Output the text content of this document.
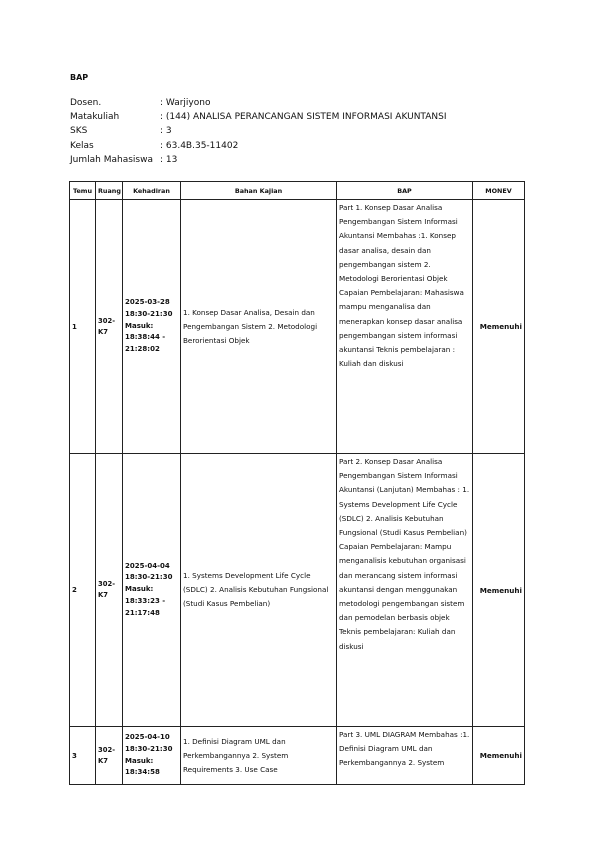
BAP
Dosen.	: Warjiyono
Matakuliah	: (144) ANALISA PERANCANGAN SISTEM INFORMASI AKUNTANSI
SKS	: 3
Kelas	: 63.4B.35-11402
Jumlah Mahasiswa : 13
Temu	Ruang	Kehadiran	Bahan Kajian	BAP	MONEV
1	302-K7	2025-03-28 18:30-21:30 Masuk: 18:38:44 - 21:28:02	1. Konsep Dasar Analisa, Desain dan Pengembangan Sistem 2. Metodologi Berorientasi Objek	Part 1. Konsep Dasar Analisa Pengembangan Sistem Informasi Akuntansi Membahas :1. Konsep dasar analisa, desain dan pengembangan sistem 2. Metodologi Berorientasi Objek Capaian Pembelajaran: Mahasiswa mampu menganalisa dan menerapkan konsep dasar analisa pengembangan sistem informasi akuntansi Teknis pembelajaran : Kuliah dan diskusi	Memenuhi
2	302-K7	2025-04-04 18:30-21:30 Masuk: 18:33:23 - 21:17:48	1. Systems Development Life Cycle (SDLC) 2. Analisis Kebutuhan Fungsional (Studi Kasus Pembelian)	Part 2. Konsep Dasar Analisa Pengembangan Sistem Informasi Akuntansi (Lanjutan) Membahas : 1. Systems Development Life Cycle (SDLC) 2. Analisis Kebutuhan Fungsional (Studi Kasus Pembelian) Capaian Pembelajaran: Mampu menganalisis kebutuhan organisasi dan merancang sistem informasi akuntansi dengan menggunakan metodologi pengembangan sistem dan pemodelan berbasis objek Teknis pembelajaran: Kuliah dan diskusi	Memenuhi
3	302-K7	2025-04-10 18:30-21:30 Masuk: 18:34:58	1. Definisi Diagram UML dan Perkembangannya 2. System Requirements 3. Use Case	Part 3. UML DIAGRAM Membahas :1. Definisi Diagram UML dan Perkembangannya 2. System	Memenuhi
